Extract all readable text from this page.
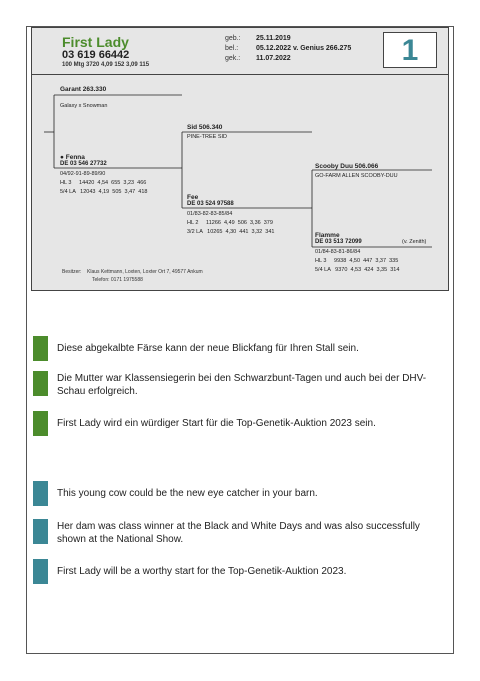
First Lady
03 619 66442
100 Mtg 3720 4,09 152 3,09 115
geb.: 25.11.2019
bel.:	05.12.2022 v. Genius 266.275
gek.: 11.07.2022	1
Garant 263.330
Galaxy x Snowman
● Fenna
DE 03 546 27732
04/92-91-89-89/90
HL 3     14420  4,54  655  3,23  466
5/4 LA   12043  4,19  505  3,47  418
Sid 506.340
PINE-TREE SID
Fee
DE 03 524 97588
01/83-82-83-85/84
HL 2     11266  4,49  506  3,36  379
3/2 LA   10265  4,30  441  3,32  341
Scooby Duu 506.066
GO-FARM ALLEN SCOOBY-DUU
Flamme
DE 03 513 72099	(v. Zenith)
01/84-83-81-86/84
HL 3     9938  4,50  447  3,37  335
5/4 LA   9370  4,53  424  3,35  314
Besitzer: Klaus Kettmann, Loxten, Loxter Ort 7, 49577 Ankum
Telefon: 0171 1975588
Diese abgekalbte Färse kann der neue Blickfang für Ihren Stall sein.
Die Mutter war Klassensiegerin bei den Schwarzbunt-Tagen und auch bei der DHV-Schau erfolgreich.
First Lady wird ein würdiger Start für die Top-Genetik-Auktion 2023 sein.
This young cow could be the new eye catcher in your barn.
Her dam was class winner at the Black and White Days and was also successfully shown at the National Show.
First Lady will be a worthy start for the Top-Genetik-Auktion 2023.
